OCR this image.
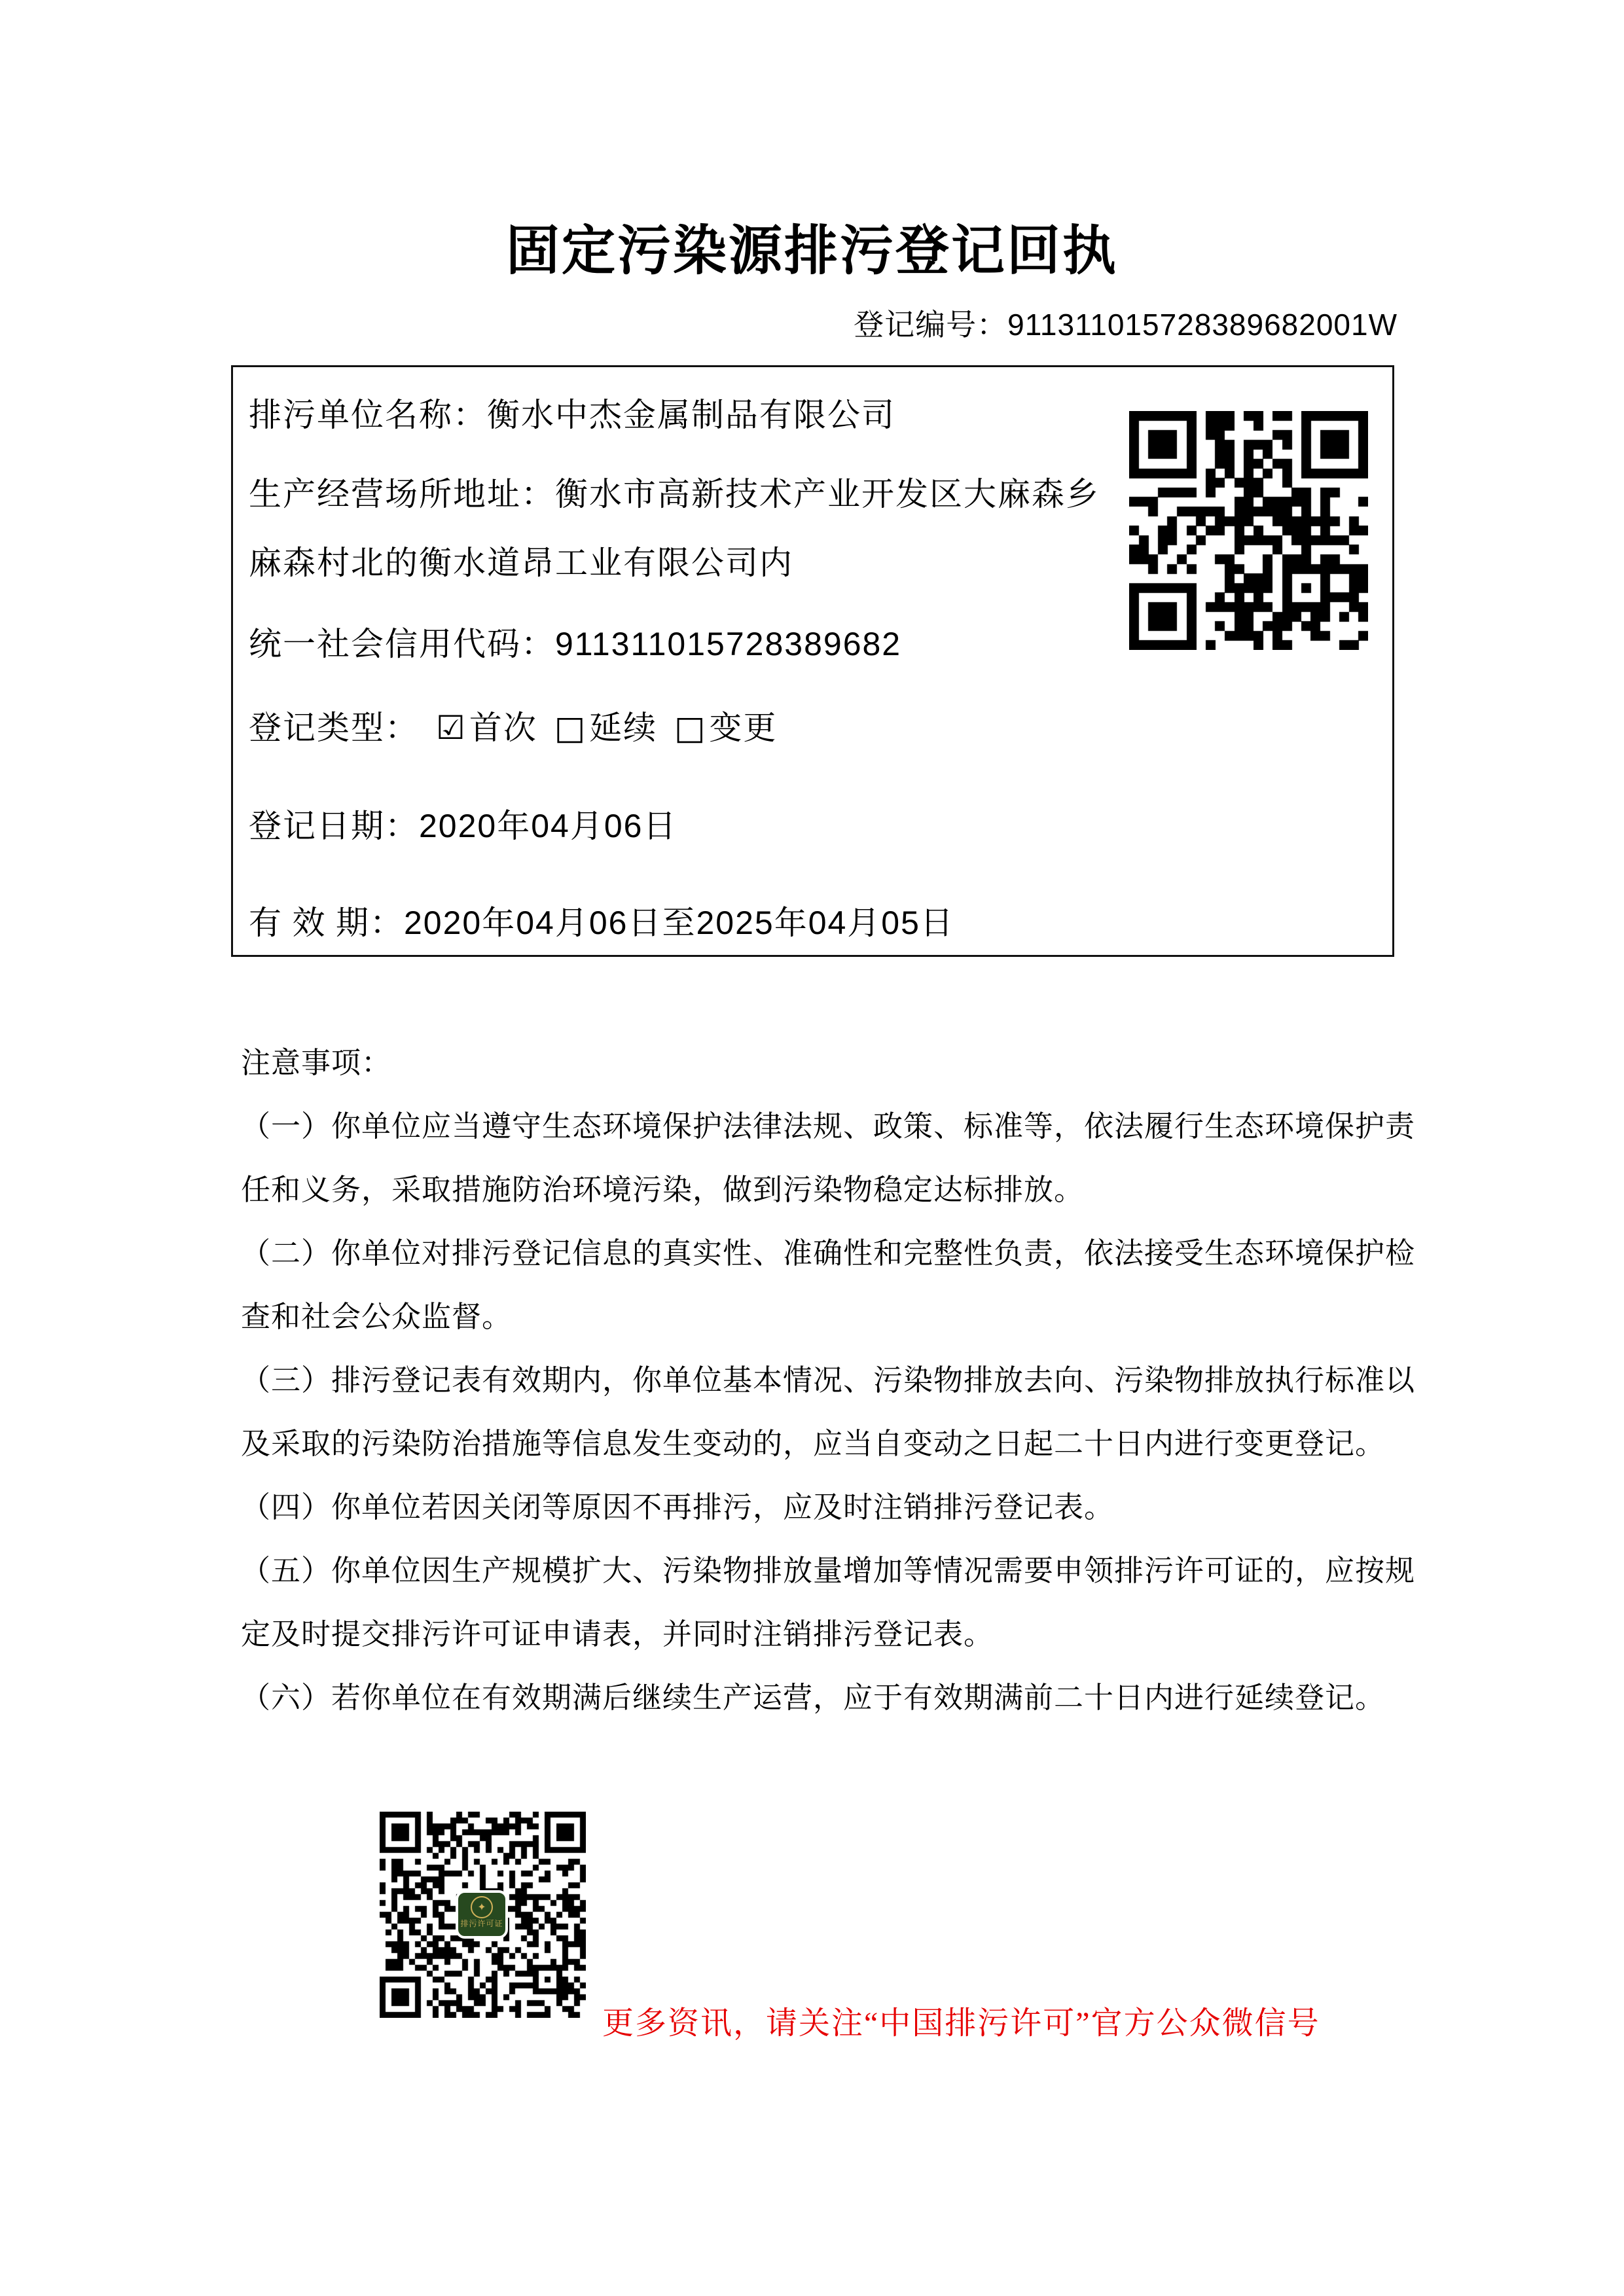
固定污染源排污登记回执
登记编号：911311015728389682001W
排污单位名称：衡水中杰金属制品有限公司
生产经营场所地址：衡水市高新技术产业开发区大麻森乡
麻森村北的衡水道昂工业有限公司内
统一社会信用代码：911311015728389682
登记类型： ☑首次 □延续 □变更
登记日期：2020年04月06日
有 效 期：2020年04月06日至2025年04月05日
注意事项：
（一）你单位应当遵守生态环境保护法律法规、政策、标准等，依法履行生态环境保护责
任和义务，采取措施防治环境污染，做到污染物稳定达标排放。
（二）你单位对排污登记信息的真实性、准确性和完整性负责，依法接受生态环境保护检
查和社会公众监督。
（三）排污登记表有效期内，你单位基本情况、污染物排放去向、污染物排放执行标准以
及采取的污染防治措施等信息发生变动的，应当自变动之日起二十日内进行变更登记。
（四）你单位若因关闭等原因不再排污，应及时注销排污登记表。
（五）你单位因生产规模扩大、污染物排放量增加等情况需要申领排污许可证的，应按规
定及时提交排污许可证申请表，并同时注销排污登记表。
（六）若你单位在有效期满后继续生产运营，应于有效期满前二十日内进行延续登记。
✦
排污许可证
更多资讯，请关注“中国排污许可”官方公众微信号
